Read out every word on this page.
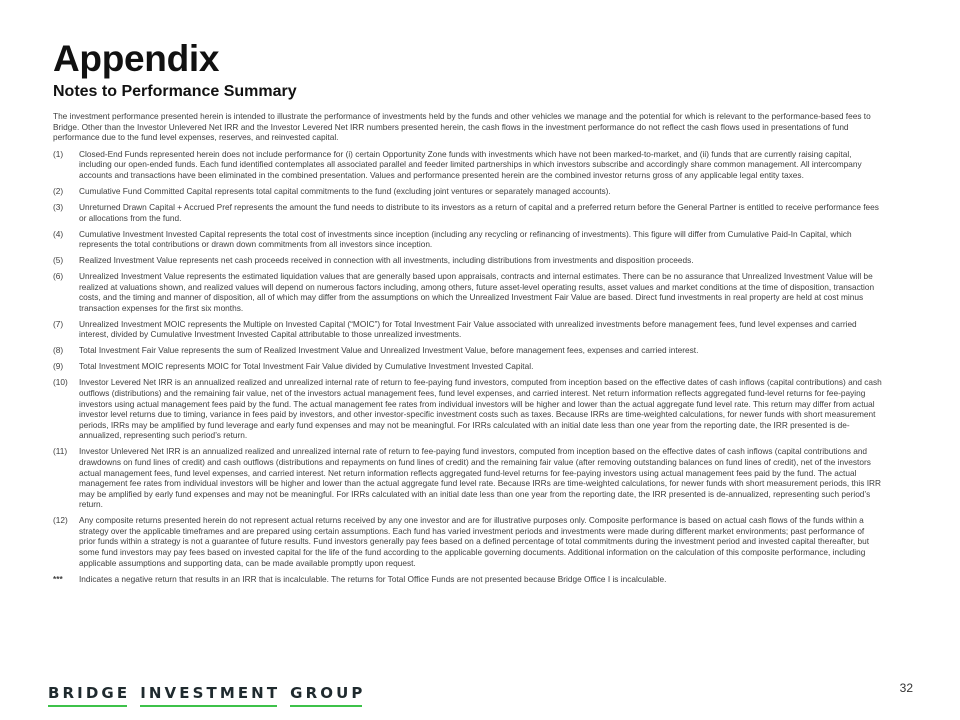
Appendix
Notes to Performance Summary

The investment performance presented herein is intended to illustrate the performance of investments held by the funds and other vehicles we manage and the potential for which is relevant to the performance-based fees to Bridge. Other than the Investor Unlevered Net IRR and the Investor Levered Net IRR numbers presented herein, the cash flows in the investment performance do not reflect the cash flows used in presentations of fund performance due to the fund level expenses, reserves, and reinvested capital.

(1)	Closed-End Funds represented herein does not include performance for (i) certain Opportunity Zone funds with investments which have not been marked-to-market, and (ii) funds that are currently raising capital, including our open-ended funds. Each fund identified contemplates all associated parallel and feeder limited partnerships in which investors subscribe and accordingly share common management. All intercompany accounts and transactions have been eliminated in the combined presentation. Values and performance presented herein are the combined investor returns gross of any applicable legal entity taxes.
(2)	Cumulative Fund Committed Capital represents total capital commitments to the fund (excluding joint ventures or separately managed accounts).
(3)	Unreturned Drawn Capital + Accrued Pref represents the amount the fund needs to distribute to its investors as a return of capital and a preferred return before the General Partner is entitled to receive performance fees or allocations from the fund.
(4)	Cumulative Investment Invested Capital represents the total cost of investments since inception (including any recycling or refinancing of investments). This figure will differ from Cumulative Paid-In Capital, which represents the total contributions or drawn down commitments from all investors since inception.
(5)	Realized Investment Value represents net cash proceeds received in connection with all investments, including distributions from investments and disposition proceeds.
(6)	Unrealized Investment Value represents the estimated liquidation values that are generally based upon appraisals, contracts and internal estimates. There can be no assurance that Unrealized Investment Value will be realized at valuations shown, and realized values will depend on numerous factors including, among others, future asset-level operating results, asset values and market conditions at the time of disposition, transaction costs, and the timing and manner of disposition, all of which may differ from the assumptions on which the Unrealized Investment Fair Value are based. Direct fund investments in real property are held at cost minus transaction expenses for the first six months.
(7)	Unrealized Investment MOIC represents the Multiple on Invested Capital (“MOIC”) for Total Investment Fair Value associated with unrealized investments before management fees, fund level expenses and carried interest, divided by Cumulative Investment Invested Capital attributable to those unrealized investments.
(8)	Total Investment Fair Value represents the sum of Realized Investment Value and Unrealized Investment Value, before management fees, expenses and carried interest.
(9)	Total Investment MOIC represents MOIC for Total Investment Fair Value divided by Cumulative Investment Invested Capital.
(10)	Investor Levered Net IRR is an annualized realized and unrealized internal rate of return to fee-paying fund investors, computed from inception based on the effective dates of cash inflows (capital contributions) and cash outflows (distributions) and the remaining fair value, net of the investors actual management fees, fund level expenses, and carried interest. Net return information reflects aggregated fund-level returns for fee-paying investors using actual management fees paid by the fund. The actual management fee rates from individual investors will be higher and lower than the actual aggregate fund level rate. This return may differ from actual investor level returns due to timing, variance in fees paid by investors, and other investor-specific investment costs such as taxes. Because IRRs are time-weighted calculations, for newer funds with short measurement periods, IRRs may be amplified by fund leverage and early fund expenses and may not be meaningful. For IRRs calculated with an initial date less than one year from the reporting date, the IRR presented is de-annualized, representing such period’s return.
(11)	Investor Unlevered Net IRR is an annualized realized and unrealized internal rate of return to fee-paying fund investors, computed from inception based on the effective dates of cash inflows (capital contributions and drawdowns on fund lines of credit) and cash outflows (distributions and repayments on fund lines of credit) and the remaining fair value (after removing outstanding balances on fund lines of credit), net of the investors actual management fees, fund level expenses, and carried interest. Net return information reflects aggregated fund-level returns for fee-paying investors using actual management fees paid by the fund. The actual management fee rates from individual investors will be higher and lower than the actual aggregate fund level rate. Because IRRs are time-weighted calculations, for newer funds with short measurement periods, this IRR may be amplified by early fund expenses and may not be meaningful. For IRRs calculated with an initial date less than one year from the reporting date, the IRR presented is de-annualized, representing such period’s return.
(12)	Any composite returns presented herein do not represent actual returns received by any one investor and are for illustrative purposes only. Composite performance is based on actual cash flows of the funds within a strategy over the applicable timeframes and are prepared using certain assumptions. Each fund has varied investment periods and investments were made during different market environments; past performance of prior funds within a strategy is not a guarantee of future results. Fund investors generally pay fees based on a defined percentage of total commitments during the investment period and invested capital thereafter, but some fund investors may pay fees based on invested capital for the life of the fund according to the applicable governing documents. Additional information on the calculation of this composite performance, including applicable assumptions and supporting data, can be made available promptly upon request.
***	Indicates a negative return that results in an IRR that is incalculable. The returns for Total Office Funds are not presented because Bridge Office I is incalculable.
BRIDGE INVESTMENT GROUP	32
